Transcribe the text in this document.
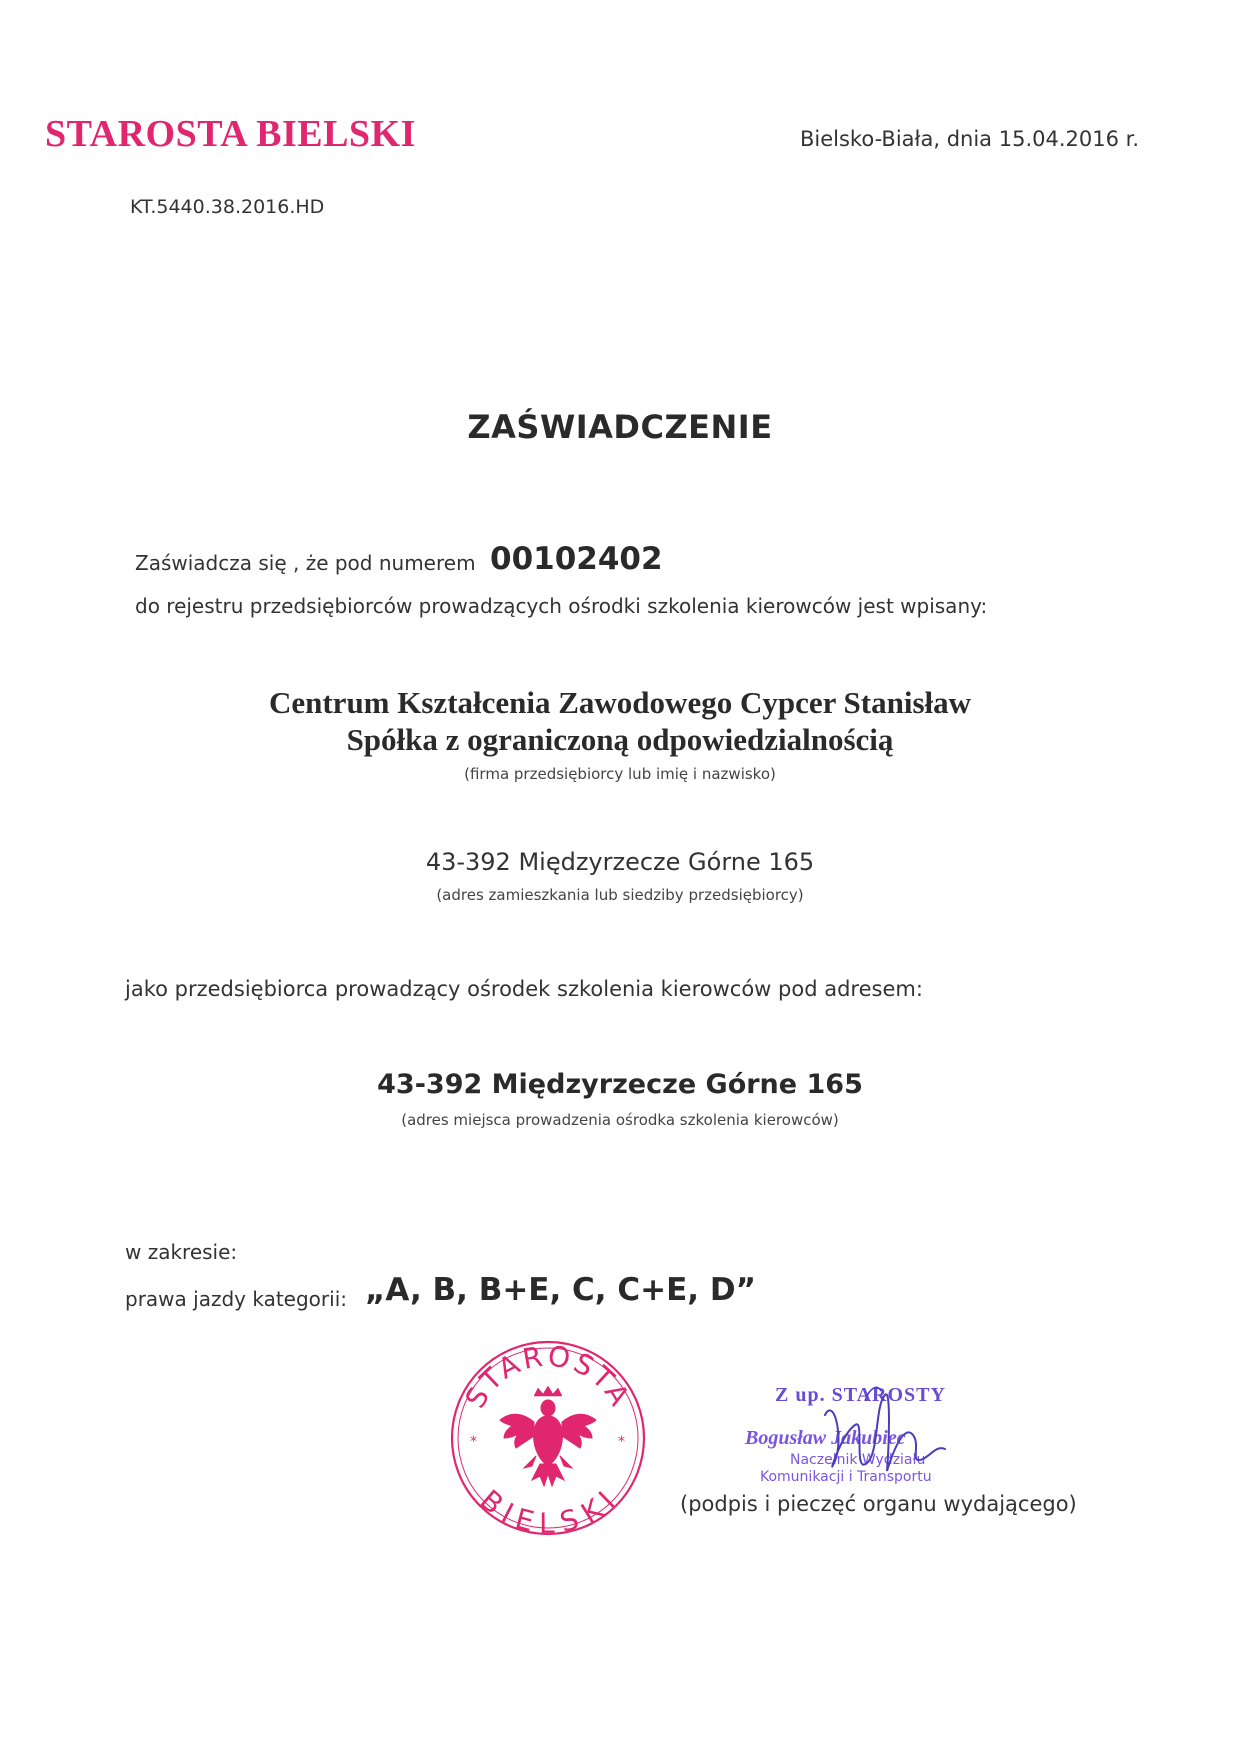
STAROSTA BIELSKI	Bielsko-Biała, dnia 15.04.2016 r.
KT.5440.38.2016.HD
ZAŚWIADCZENIE
Zaświadcza się , że pod numerem 00102402
do rejestru przedsiębiorców prowadzących ośrodki szkolenia kierowców jest wpisany:
Centrum Kształcenia Zawodowego Cypcer Stanisław
Spółka z ograniczoną odpowiedzialnością
(firma przedsiębiorcy lub imię i nazwisko)
43-392 Międzyrzecze Górne 165
(adres zamieszkania lub siedziby przedsiębiorcy)
jako przedsiębiorca prowadzący ośrodek szkolenia kierowców pod adresem:
43-392 Międzyrzecze Górne 165
(adres miejsca prowadzenia ośrodka szkolenia kierowców)
w zakresie:
prawa jazdy kategorii: „A, B, B+E, C, C+E, D”
STAROSTA
BIELSKI
*	*
Z up. STAROSTY
Bogusław Jakubiec
Naczelnik Wydziału
Komunikacji i Transportu
(podpis i pieczęć organu wydającego)
